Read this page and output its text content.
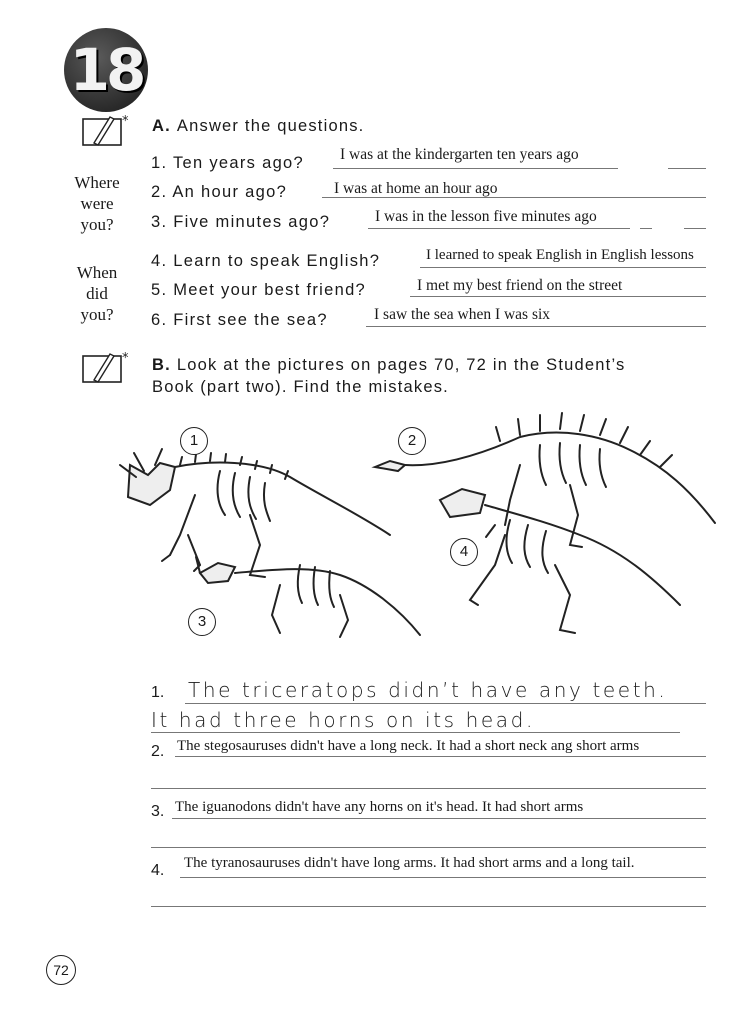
18
* A. Answer the questions.
Where
were
you?
When
did
you?
1. Ten years ago? I was at the kindergarten ten years ago
2. An hour ago?	I was at home an hour ago
3. Five minutes ago?	I was in the lesson five minutes ago
4. Learn to speak English?	I learned to speak English in English lessons
5. Meet your best friend?	I met my best friend on the street
6. First see the sea?	I saw the sea when I was six
* B. Look at the pictures on pages 70, 72 in the Student’s
Book (part two). Find the mistakes.
1	2
3
4
1. The triceratops didn’t have any teeth.
It had three horns on its head.
2. The stegosauruses didn't have a long neck. It had a short neck ang short arms
3. The iguanodons didn't have any horns on it's head. It had short arms
4. The tyranosauruses didn't have long arms. It had short arms and a long tail.
72
